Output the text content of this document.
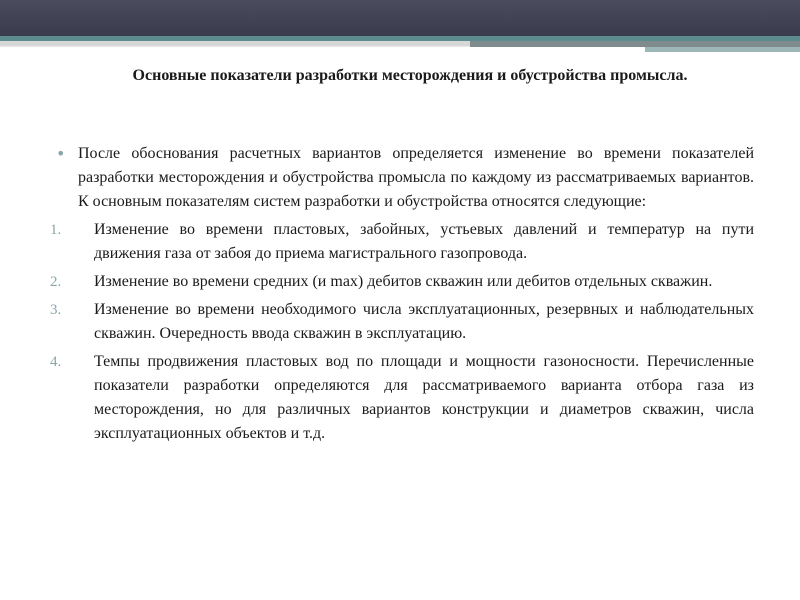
Основные показатели разработки месторождения и обустройства промысла.

• После обоснования расчетных вариантов определяется изменение во времени показателей разработки месторождения и обустройства промысла по каждому из рассматриваемых вариантов. К основным показателям систем разработки и обустройства относятся следующие:

1. Изменение во времени пластовых, забойных, устьевых давлений и температур на пути движения газа от забоя до приема магистрального газопровода.

2. Изменение во времени средних (и max) дебитов скважин или дебитов отдельных скважин.

3. Изменение во времени необходимого числа эксплуатационных, резервных и наблюдательных скважин. Очередность ввода скважин в эксплуатацию.

4. Темпы продвижения пластовых вод по площади и мощности газоносности. Перечисленные показатели разработки определяются для рассматриваемого варианта отбора газа из месторождения, но для различных вариантов конструкции и диаметров скважин, числа эксплуатационных объектов и т.д.
